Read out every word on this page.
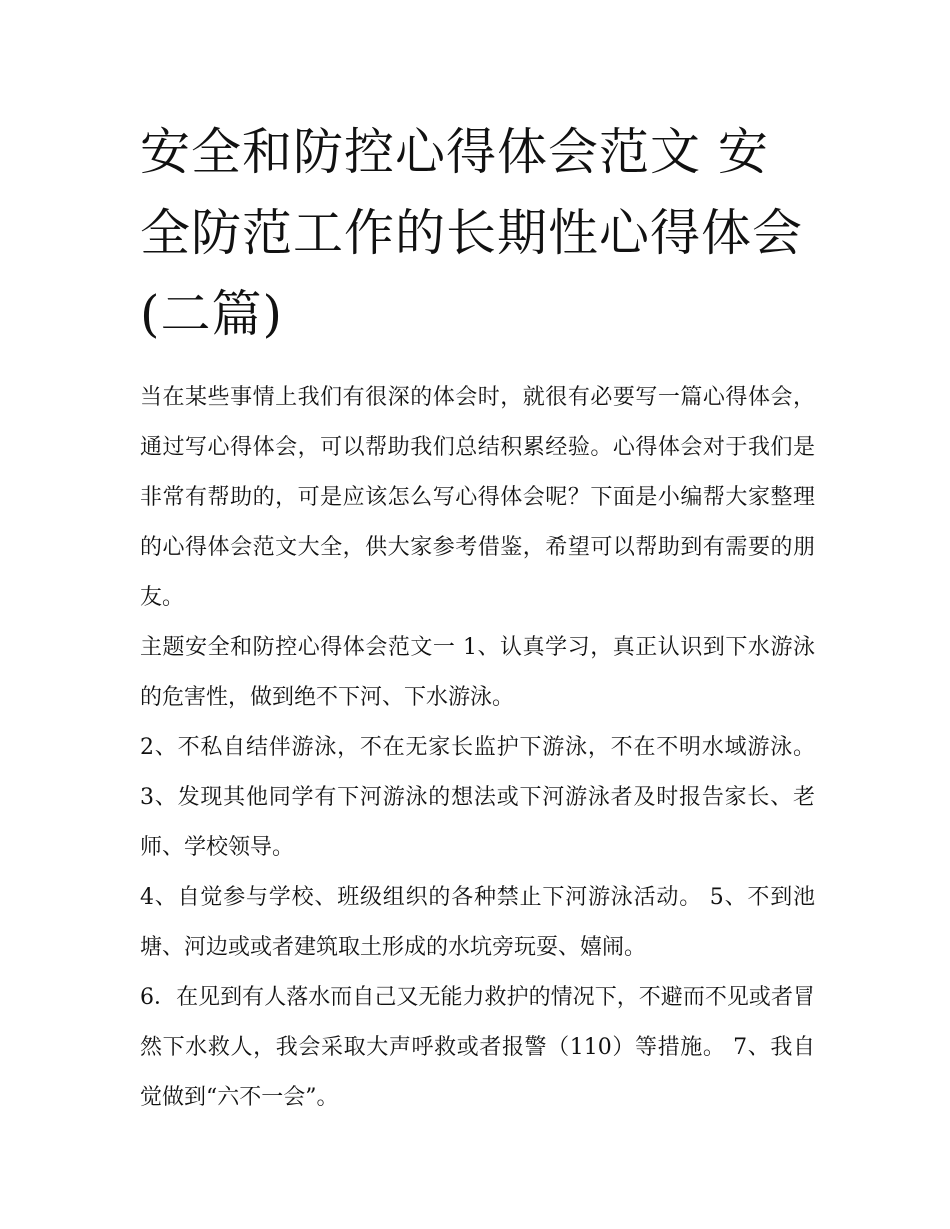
安全和防控心得体会范文 安全防范工作的长期性心得体会(二篇)

当在某些事情上我们有很深的体会时，就很有必要写一篇心得体会，通过写心得体会，可以帮助我们总结积累经验。心得体会对于我们是非常有帮助的，可是应该怎么写心得体会呢？下面是小编帮大家整理的心得体会范文大全，供大家参考借鉴，希望可以帮助到有需要的朋友。

主题安全和防控心得体会范文一 1、认真学习，真正认识到下水游泳的危害性，做到绝不下河、下水游泳。

2、不私自结伴游泳，不在无家长监护下游泳，不在不明水域游泳。 3、发现其他同学有下河游泳的想法或下河游泳者及时报告家长、老师、学校领导。

4、自觉参与学校、班级组织的各种禁止下河游泳活动。 5、不到池塘、河边或或者建筑取土形成的水坑旁玩耍、嬉闹。

6．在见到有人落水而自己又无能力救护的情况下，不避而不见或者冒然下水救人，我会采取大声呼救或者报警（110）等措施。 7、我自觉做到“六不一会”。
